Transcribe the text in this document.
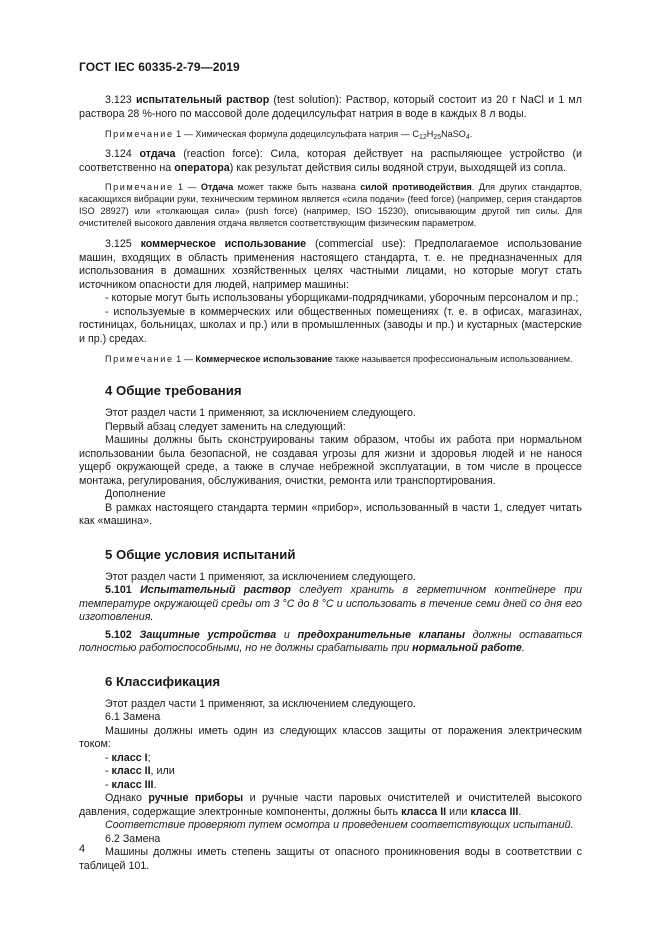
ГОСТ IEC 60335-2-79—2019

3.123 испытательный раствор (test solution): Раствор, который состоит из 20 г NaCl и 1 мл раствора 28 %-ного по массовой доле додецилсульфат натрия в воде в каждых 8 л воды.

Примечание 1 — Химическая формула додецилсульфата натрия — $C_{12}H_{25}NaSO_4$.

3.124 отдача (reaction force): Сила, которая действует на распыляющее устройство (и соответственно на оператора) как результат действия силы водяной струи, выходящей из сопла.

Примечание 1 — Отдача может также быть названа силой противодействия. Для других стандартов, касающихся вибрации руки, техническим термином является «сила подачи» (feed force) (например, серия стандартов ISO 28927) или «толкающая сила» (push force) (например, ISO 15230), описывающим другой тип силы. Для очистителей высокого давления отдача является соответствующим физическим параметром.

3.125 коммерческое использование (commercial use): Предполагаемое использование машин, входящих в область применения настоящего стандарта, т. е. не предназначенных для использования в домашних хозяйственных целях частными лицами, но которые могут стать источником опасности для людей, например машины:

- которые могут быть использованы уборщиками-подрядчиками, уборочным персоналом и пр.;

- используемые в коммерческих или общественных помещениях (т. е. в офисах, магазинах, гостиницах, больницах, школах и пр.) или в промышленных (заводы и пр.) и кустарных (мастерские и пр.) средах.

Примечание 1 — Коммерческое использование также называется профессиональным использованием.

4 Общие требования

Этот раздел части 1 применяют, за исключением следующего.

Первый абзац следует заменить на следующий:

Машины должны быть сконструированы таким образом, чтобы их работа при нормальном использовании была безопасной, не создавая угрозы для жизни и здоровья людей и не нанося ущерб окружающей среде, а также в случае небрежной эксплуатации, в том числе в процессе монтажа, регулирования, обслуживания, очистки, ремонта или транспортирования.

Дополнение

В рамках настоящего стандарта термин «прибор», использованный в части 1, следует читать как «машина».

5 Общие условия испытаний

Этот раздел части 1 применяют, за исключением следующего.

5.101 Испытательный раствор следует хранить в герметичном контейнере при температуре окружающей среды от 3 °C до 8 °C и использовать в течение семи дней со дня его изготовления.

5.102 Защитные устройства и предохранительные клапаны должны оставаться полностью работоспособными, но не должны срабатывать при нормальной работе.

6 Классификация

Этот раздел части 1 применяют, за исключением следующего.

6.1 Замена

Машины должны иметь один из следующих классов защиты от поражения электрическим током:

- класс I;

- класс II, или

- класс III.

Однако ручные приборы и ручные части паровых очистителей и очистителей высокого давления, содержащие электронные компоненты, должны быть класса II или класса III.

Соответствие проверяют путем осмотра и проведением соответствующих испытаний.

6.2 Замена

Машины должны иметь степень защиты от опасного проникновения воды в соответствии с таблицей 101.

4
